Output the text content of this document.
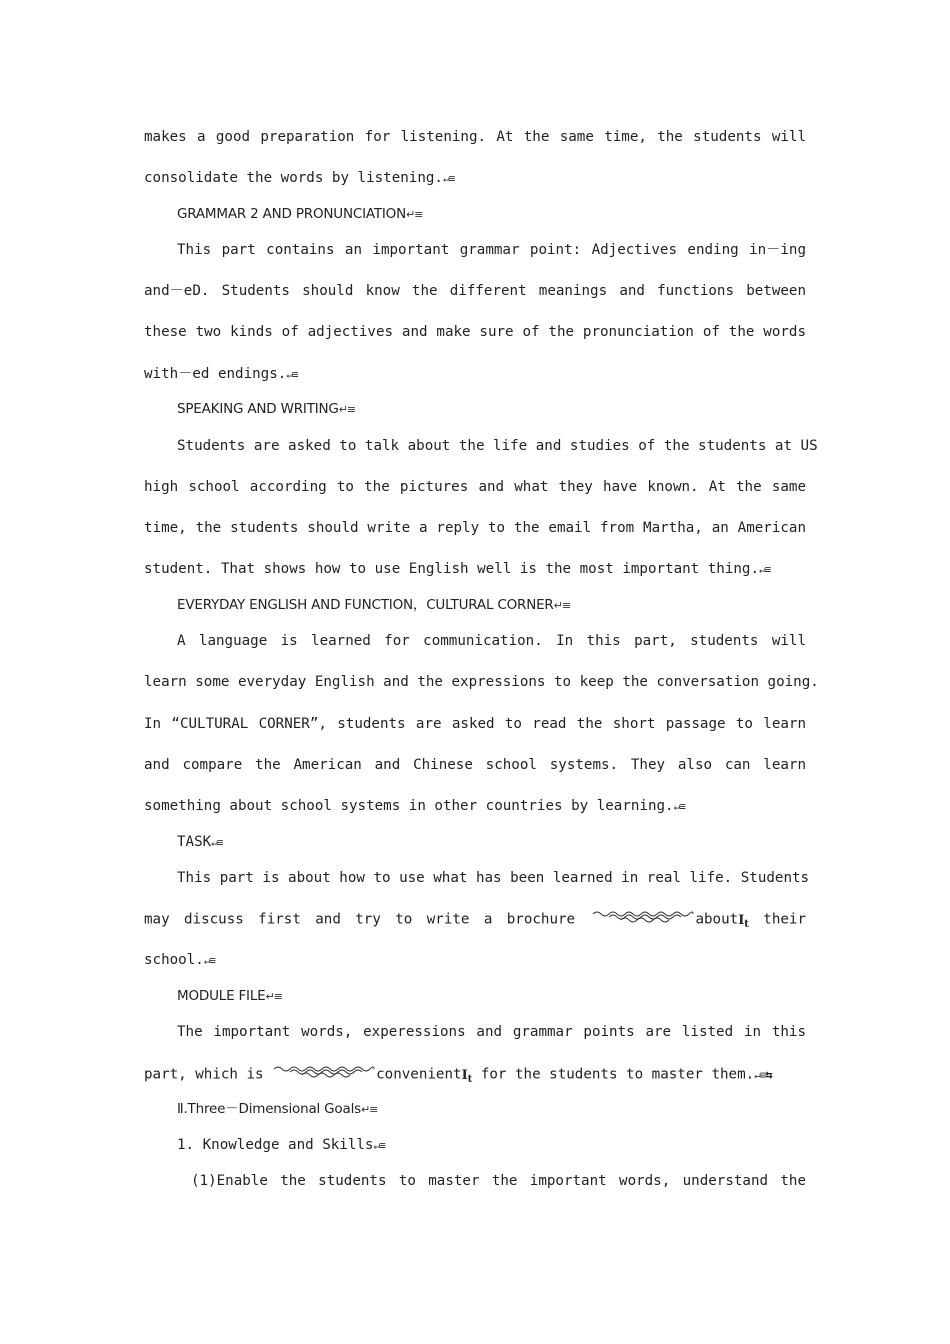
makes a good preparation for listening. At the same time, the students will
consolidate the words by listening.↵≡
GRAMMAR 2 AND PRONUNCIATION↵≡
This part contains an important grammar point: Adjectives ending in－ing
and－eD. Students should know the different meanings and functions between
these two kinds of adjectives and make sure of the pronunciation of the words
with－ed endings.↵≡
SPEAKING AND WRITING↵≡
Students are asked to talk about the life and studies of the students at US
high school according to the pictures and what they have known. At the same
time, the students should write a reply to the email from Martha, an American
student. That shows how to use English well is the most important thing.↵≡
EVERYDAY ENGLISH AND FUNCTION，CULTURAL CORNER↵≡
A language is learned for communication. In this part, students will
learn some everyday English and the expressions to keep the conversation going.
In “CULTURAL CORNER”, students are asked to read the short passage to learn
and compare the American and Chinese school systems. They also can learn
something about school systems in other countries by learning.↵≡
TASK↵≡
This part is about how to use what has been learned in real life. Students
may discuss first and try to write a brochure	aboutI$_t$ their
school.↵≡
MODULE FILE↵≡
The important words, experessions and grammar points are listed in this
part, which is	convenientI$_t$ for the students to master them.↵≡⇆
Ⅱ.Three－Dimensional Goals↵≡
1. Knowledge and Skills↵≡
(1)Enable the students to master the important words, understand the
